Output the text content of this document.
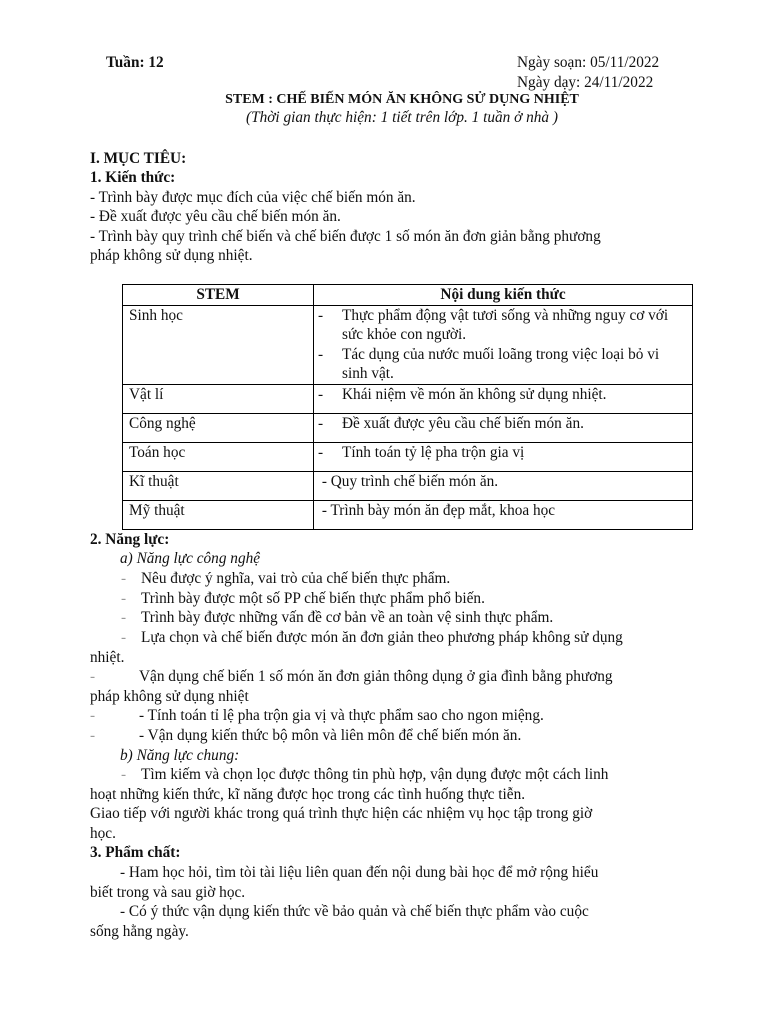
Tuần: 12	Ngày soạn: 05/11/2022
Ngày dạy: 24/11/2022
STEM : CHẾ BIẾN MÓN ĂN KHÔNG SỬ DỤNG NHIỆT
(Thời gian thực hiện: 1 tiết trên lớp. 1 tuần ở nhà )
I. MỤC TIÊU:
1. Kiến thức:
- Trình bày được mục đích của việc chế biến món ăn.
- Đề xuất được yêu cầu chế biến món ăn.
- Trình bày quy trình chế biến và chế biến được 1 số món ăn đơn giản bằng phương
pháp không sử dụng nhiệt.
STEM	Nội dung kiến thức
Sinh học	- Thực phẩm động vật tươi sống và những nguy cơ với sức khỏe con người.
- Tác dụng của nước muối loãng trong việc loại bỏ vi sinh vật.

Vật lí	- Khái niệm về món ăn không sử dụng nhiệt.

Công nghệ	- Đề xuất được yêu cầu chế biến món ăn.

Toán học	- Tính toán tỷ lệ pha trộn gia vị

Kĩ thuật	- Quy trình chế biến món ăn.
Mỹ thuật	- Trình bày món ăn đẹp mắt, khoa học
2. Năng lực:
a) Năng lực công nghệ
- Nêu được ý nghĩa, vai trò của chế biến thực phẩm.
- Trình bày được một số PP chế biến thực phẩm phổ biến.
- Trình bày được những vấn đề cơ bản về an toàn vệ sinh thực phẩm.
- Lựa chọn và chế biến được món ăn đơn giản theo phương pháp không sử dụng
nhiệt.
-	Vận dụng chế biến 1 số món ăn đơn giản thông dụng ở gia đình bằng phương
pháp không sử dụng nhiệt
-	- Tính toán tỉ lệ pha trộn gia vị và thực phẩm sao cho ngon miệng.
-	- Vận dụng kiến thức bộ môn và liên môn để chế biến món ăn.
b) Năng lực chung:
- Tìm kiếm và chọn lọc được thông tin phù hợp, vận dụng được một cách linh
hoạt những kiến thức, kĩ năng được học trong các tình huống thực tiễn.
Giao tiếp với người khác trong quá trình thực hiện các nhiệm vụ học tập trong giờ
học.
3. Phẩm chất:
- Ham học hỏi, tìm tòi tài liệu liên quan đến nội dung bài học để mở rộng hiểu
biết trong và sau giờ học.
- Có ý thức vận dụng kiến thức về bảo quản và chế biến thực phẩm vào cuộc
sống hằng ngày.
